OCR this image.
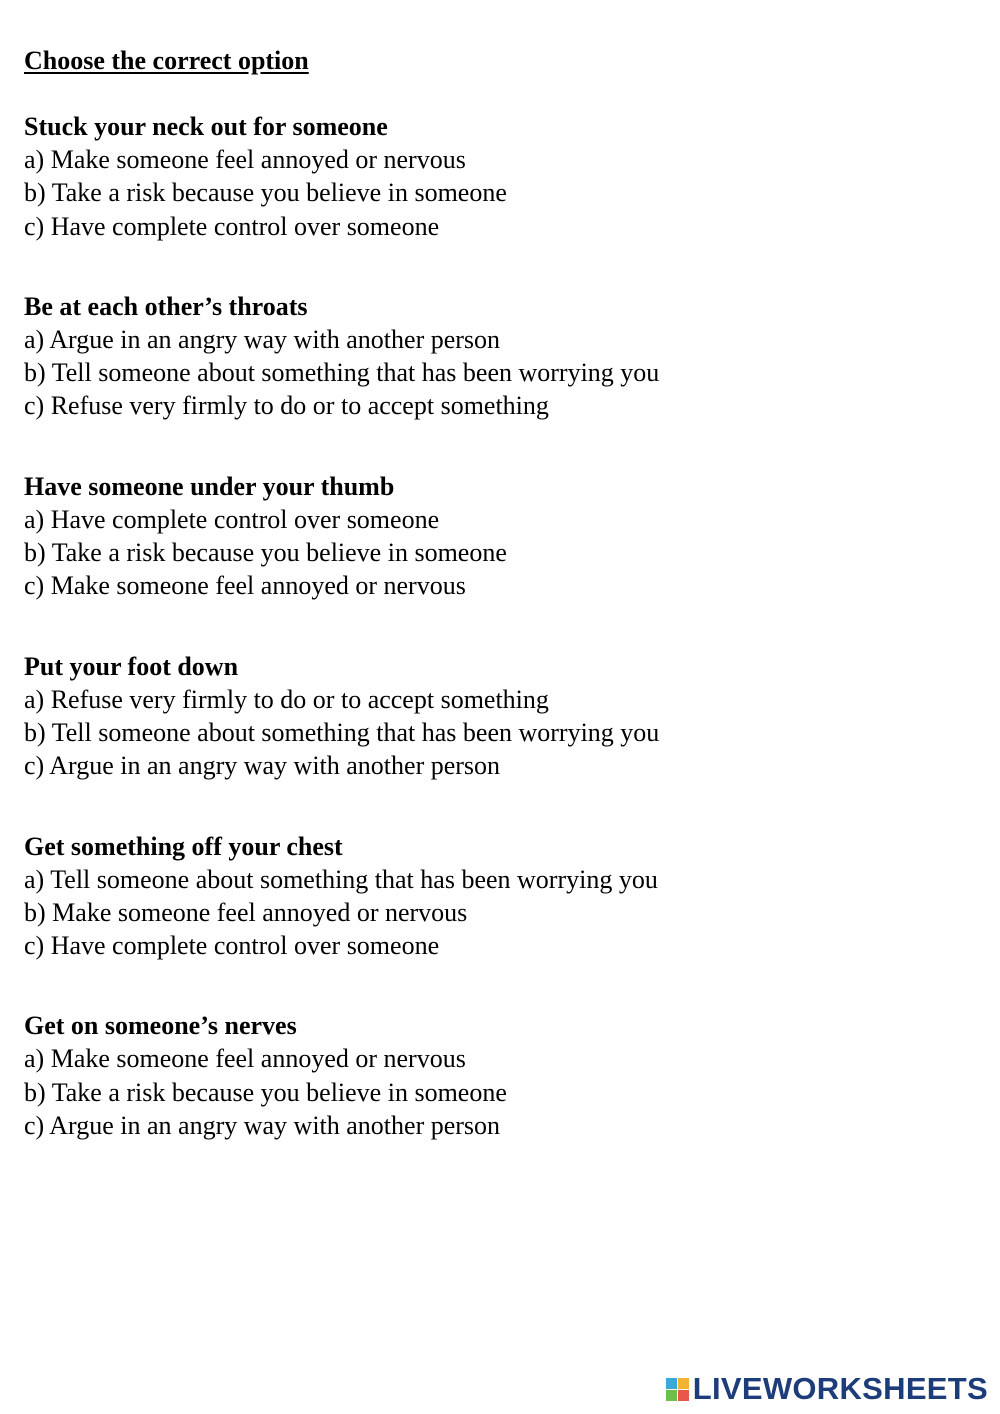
Choose the correct option

Stuck your neck out for someone

a) Make someone feel annoyed or nervous

b) Take a risk because you believe in someone

c) Have complete control over someone

Be at each other’s throats

a) Argue in an angry way with another person

b) Tell someone about something that has been worrying you

c) Refuse very firmly to do or to accept something

Have someone under your thumb

a) Have complete control over someone

b) Take a risk because you believe in someone

c) Make someone feel annoyed or nervous

Put your foot down

a) Refuse very firmly to do or to accept something

b) Tell someone about something that has been worrying you

c) Argue in an angry way with another person

Get something off your chest

a) Tell someone about something that has been worrying you

b) Make someone feel annoyed or nervous

c) Have complete control over someone

Get on someone’s nerves

a) Make someone feel annoyed or nervous

b) Take a risk because you believe in someone

c) Argue in an angry way with another person

LIVEWORKSHEETS
